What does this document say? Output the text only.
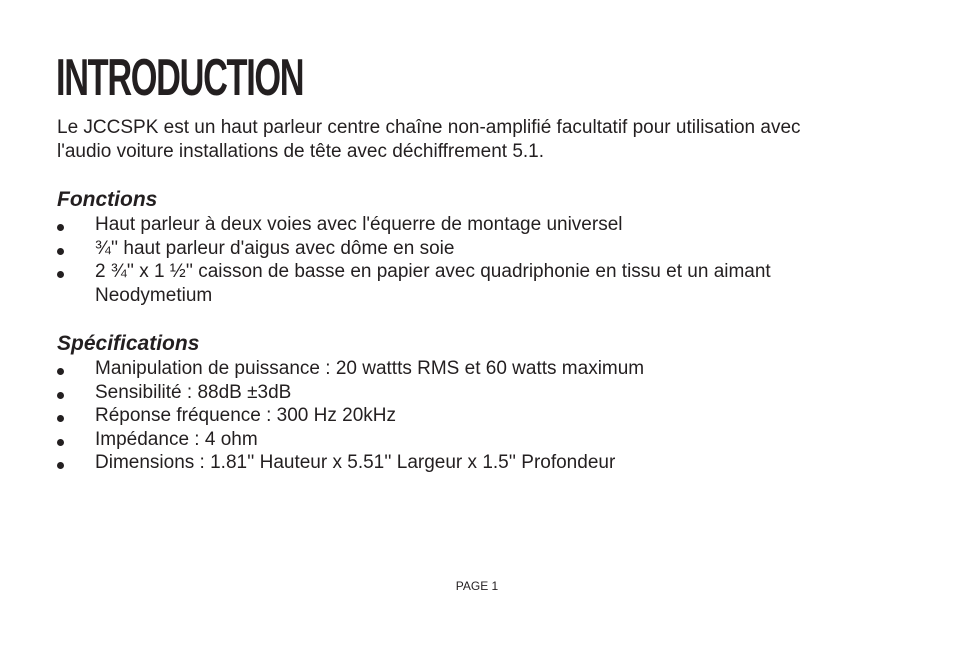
INTRODUCTION

Le JCCSPK est un haut parleur centre chaîne non-amplifié facultatif pour utilisation avec
l'audio voiture installations de tête avec déchiffrement 5.1.

Fonctions
Haut parleur à deux voies avec l'équerre de montage universel
¾'' haut parleur d'aigus avec dôme en soie
2 ¾'' x 1 ½'' caisson de basse en papier avec quadriphonie en tissu et un aimant
Neodymetium
Spécifications
Manipulation de puissance : 20 wattts RMS et 60 watts maximum
Sensibilité : 88dB ±3dB
Réponse fréquence : 300 Hz 20kHz
Impédance : 4 ohm
Dimensions : 1.81'' Hauteur x 5.51'' Largeur x 1.5'' Profondeur
PAGE 1
